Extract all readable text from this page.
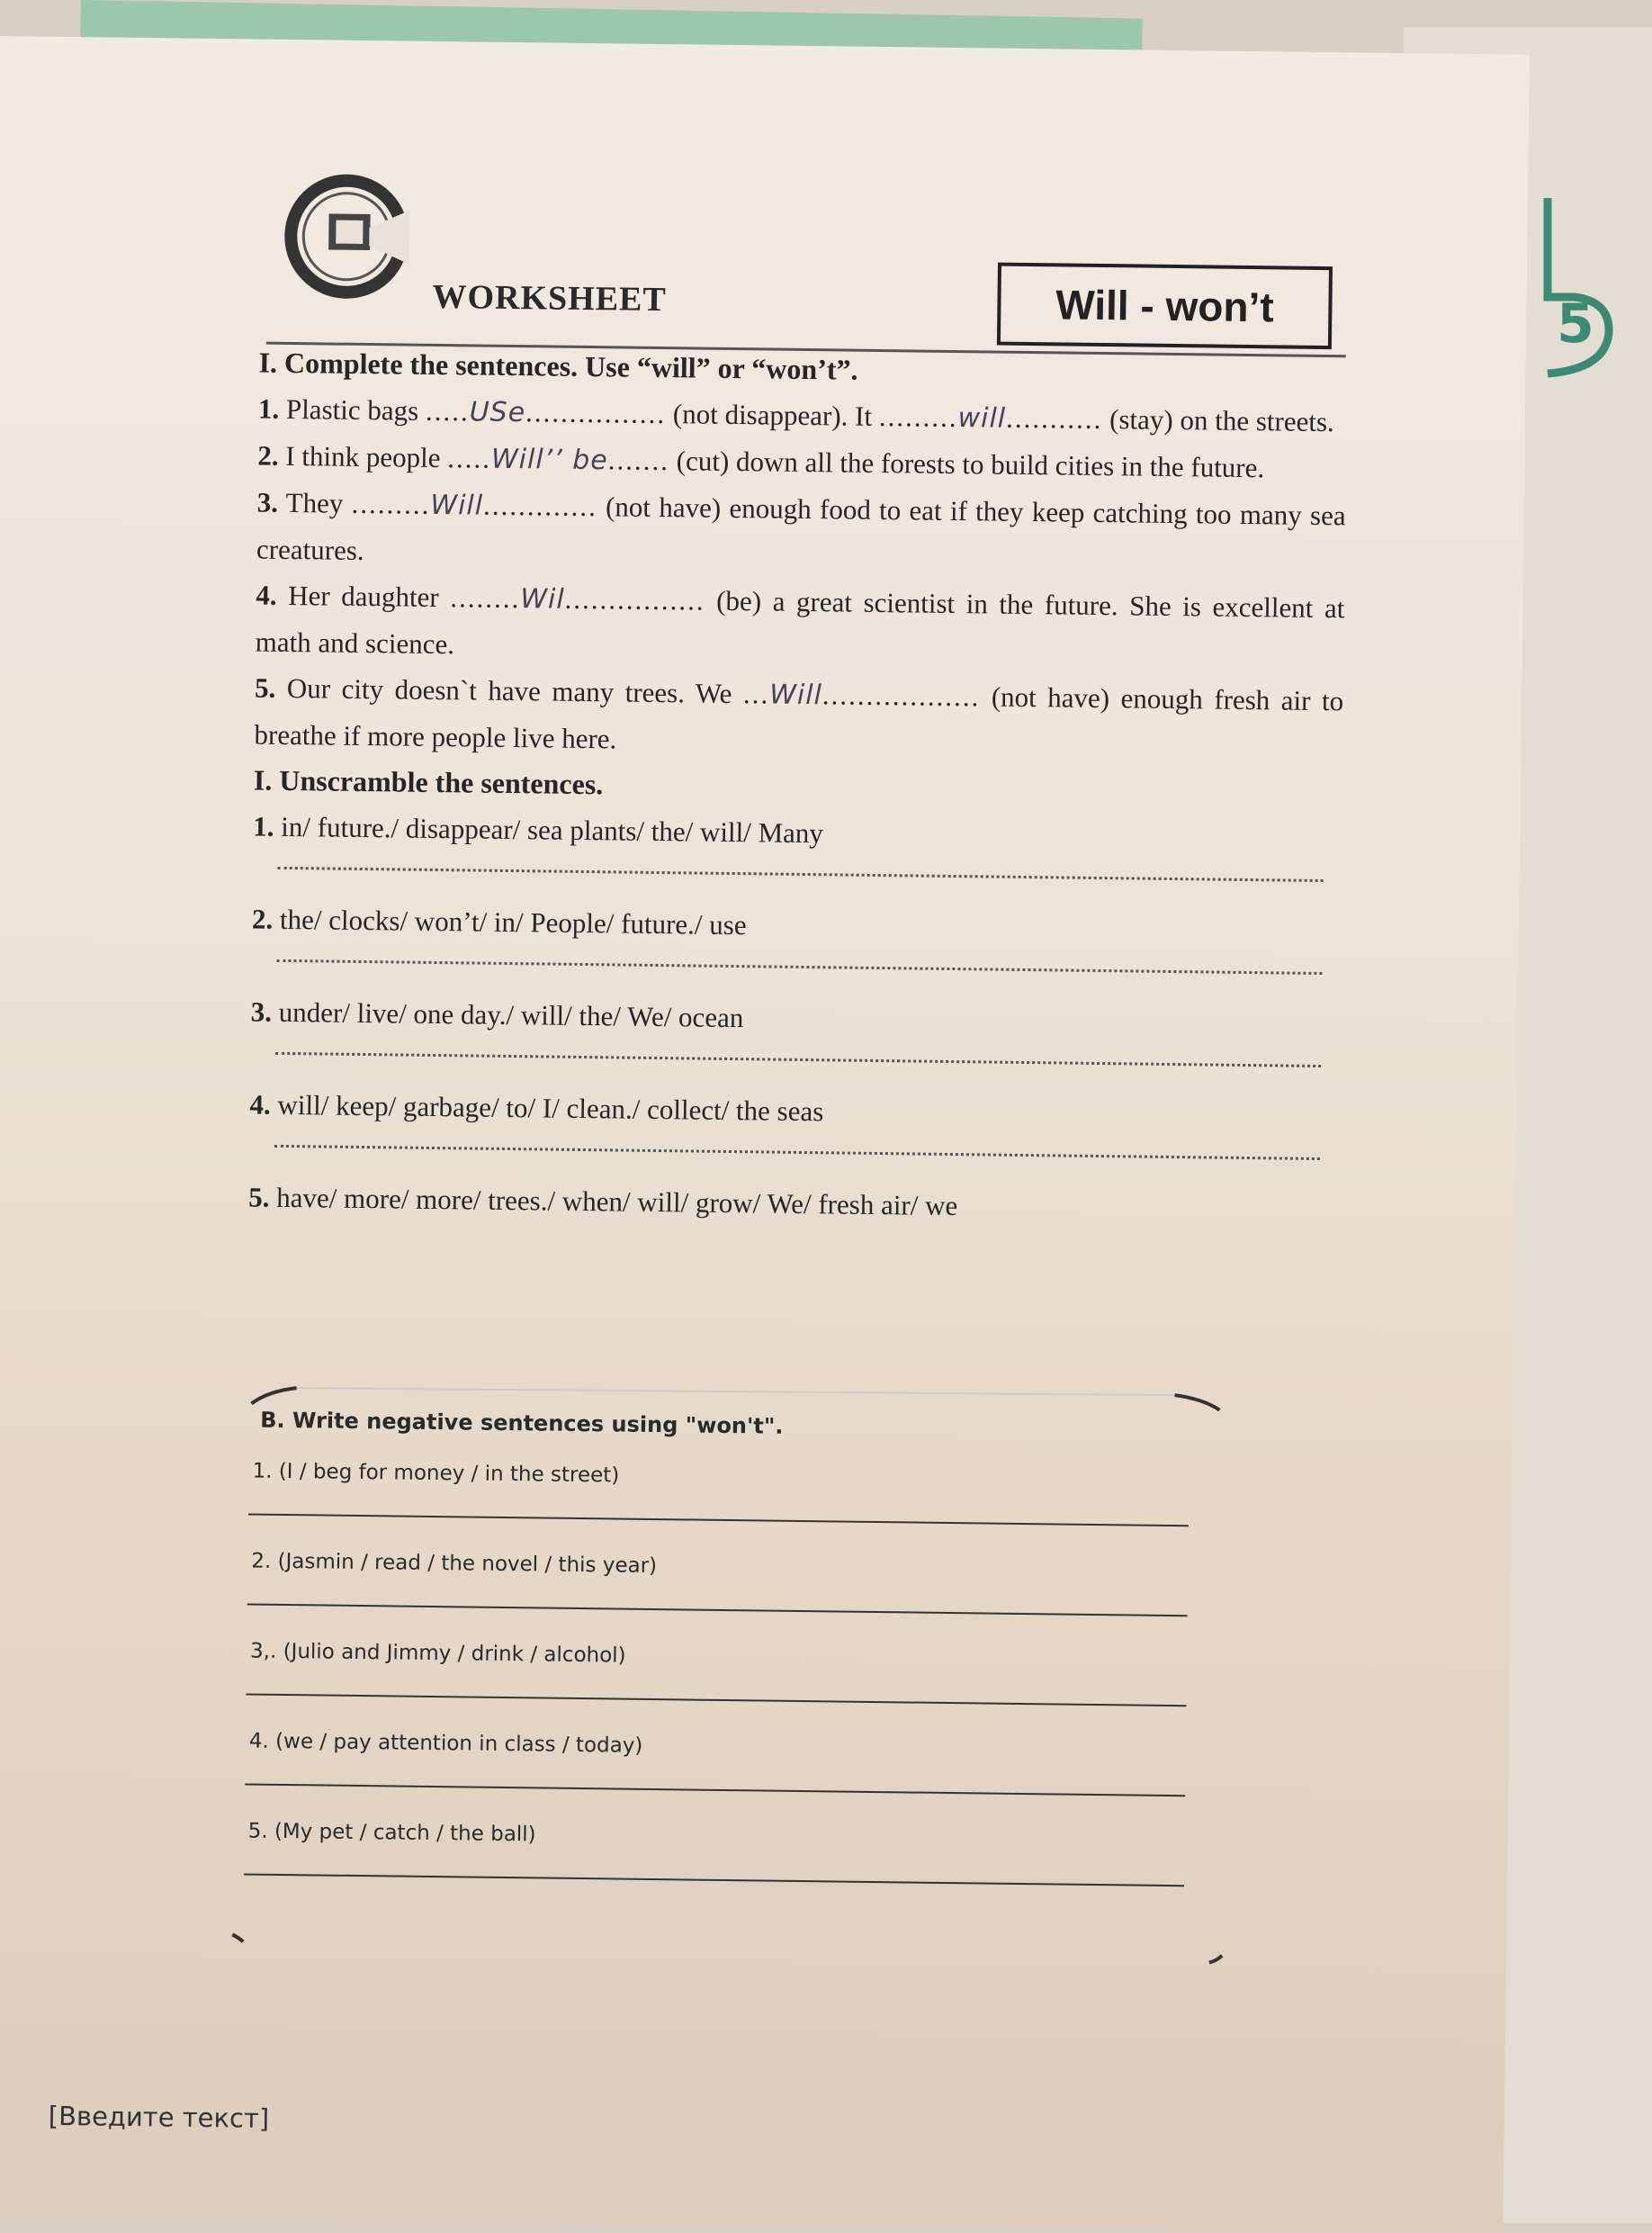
5
WORKSHEET	Will - won’t

I. Complete the sentences. Use “will” or “won’t”.

1. Plastic bags .....USe................ (not disappear). It .........will........... (stay) on the streets.

2. I think people .....Will’’ be....... (cut) down all the forests to build cities in the future.

3. They .........Will............. (not have) enough food to eat if they keep catching too many sea creatures.

4. Her daughter ........Wil................ (be) a great scientist in the future. She is excellent at math and science.

5. Our city doesn`t have many trees. We ...Will.................. (not have) enough fresh air to breathe if more people live here.

I. Unscramble the sentences.

1. in/ future./ disappear/ sea plants/ the/ will/ Many

2. the/ clocks/ won’t/ in/ People/ future./ use

3. under/ live/ one day./ will/ the/ We/ ocean

4. will/ keep/ garbage/ to/ I/ clean./ collect/ the seas

5. have/ more/ more/ trees./ when/ will/ grow/ We/ fresh air/ we

B. Write negative sentences using "won't".
1. (I / beg for money / in the street)
2. (Jasmin / read / the novel / this year)
3,. (Julio and Jimmy / drink / alcohol)
4. (we / pay attention in class / today)
5. (My pet / catch / the ball)
[Введите текст]
